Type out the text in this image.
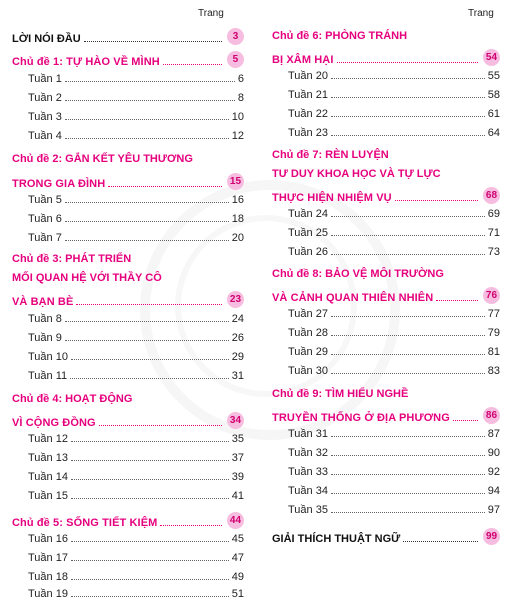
Trang
LỜI NÓI ĐẦU	3
Chủ đề 1: TỰ HÀO VỀ MÌNH	5
Tuần 1	6
Tuần 2	8
Tuần 3	10
Tuần 4	12
Chủ đề 2: GẮN KẾT YÊU THƯƠNG
TRONG GIA ĐÌNH	15
Tuần 5	16
Tuần 6	18
Tuần 7	20
Chủ đề 3: PHÁT TRIỂN
MỐI QUAN HỆ VỚI THẦY CÔ
VÀ BẠN BÈ	23
Tuần 8	24
Tuần 9	26
Tuần 10	29
Tuần 11	31
Chủ đề 4: HOẠT ĐỘNG
VÌ CỘNG ĐỒNG	34
Tuần 12	35
Tuần 13	37
Tuần 14	39
Tuần 15	41
Chủ đề 5: SỐNG TIẾT KIỆM	44
Tuần 16	45
Tuần 17	47
Tuần 18	49
Tuần 19	51
Trang
Chủ đề 6: PHÒNG TRÁNH
BỊ XÂM HẠI	54
Tuần 20	55
Tuần 21	58
Tuần 22	61
Tuần 23	64
Chủ đề 7: RÈN LUYỆN
TƯ DUY KHOA HỌC VÀ TỰ LỰC
THỰC HIỆN NHIỆM VỤ	68
Tuần 24	69
Tuần 25	71
Tuần 26	73
Chủ đề 8: BẢO VỆ MÔI TRƯỜNG
VÀ CẢNH QUAN THIÊN NHIÊN	76
Tuần 27	77
Tuần 28	79
Tuần 29	81
Tuần 30	83
Chủ đề 9: TÌM HIỂU NGHỀ
TRUYỀN THỐNG Ở ĐỊA PHƯƠNG	86
Tuần 31	87
Tuần 32	90
Tuần 33	92
Tuần 34	94
Tuần 35	97
GIẢI THÍCH THUẬT NGỮ	99
